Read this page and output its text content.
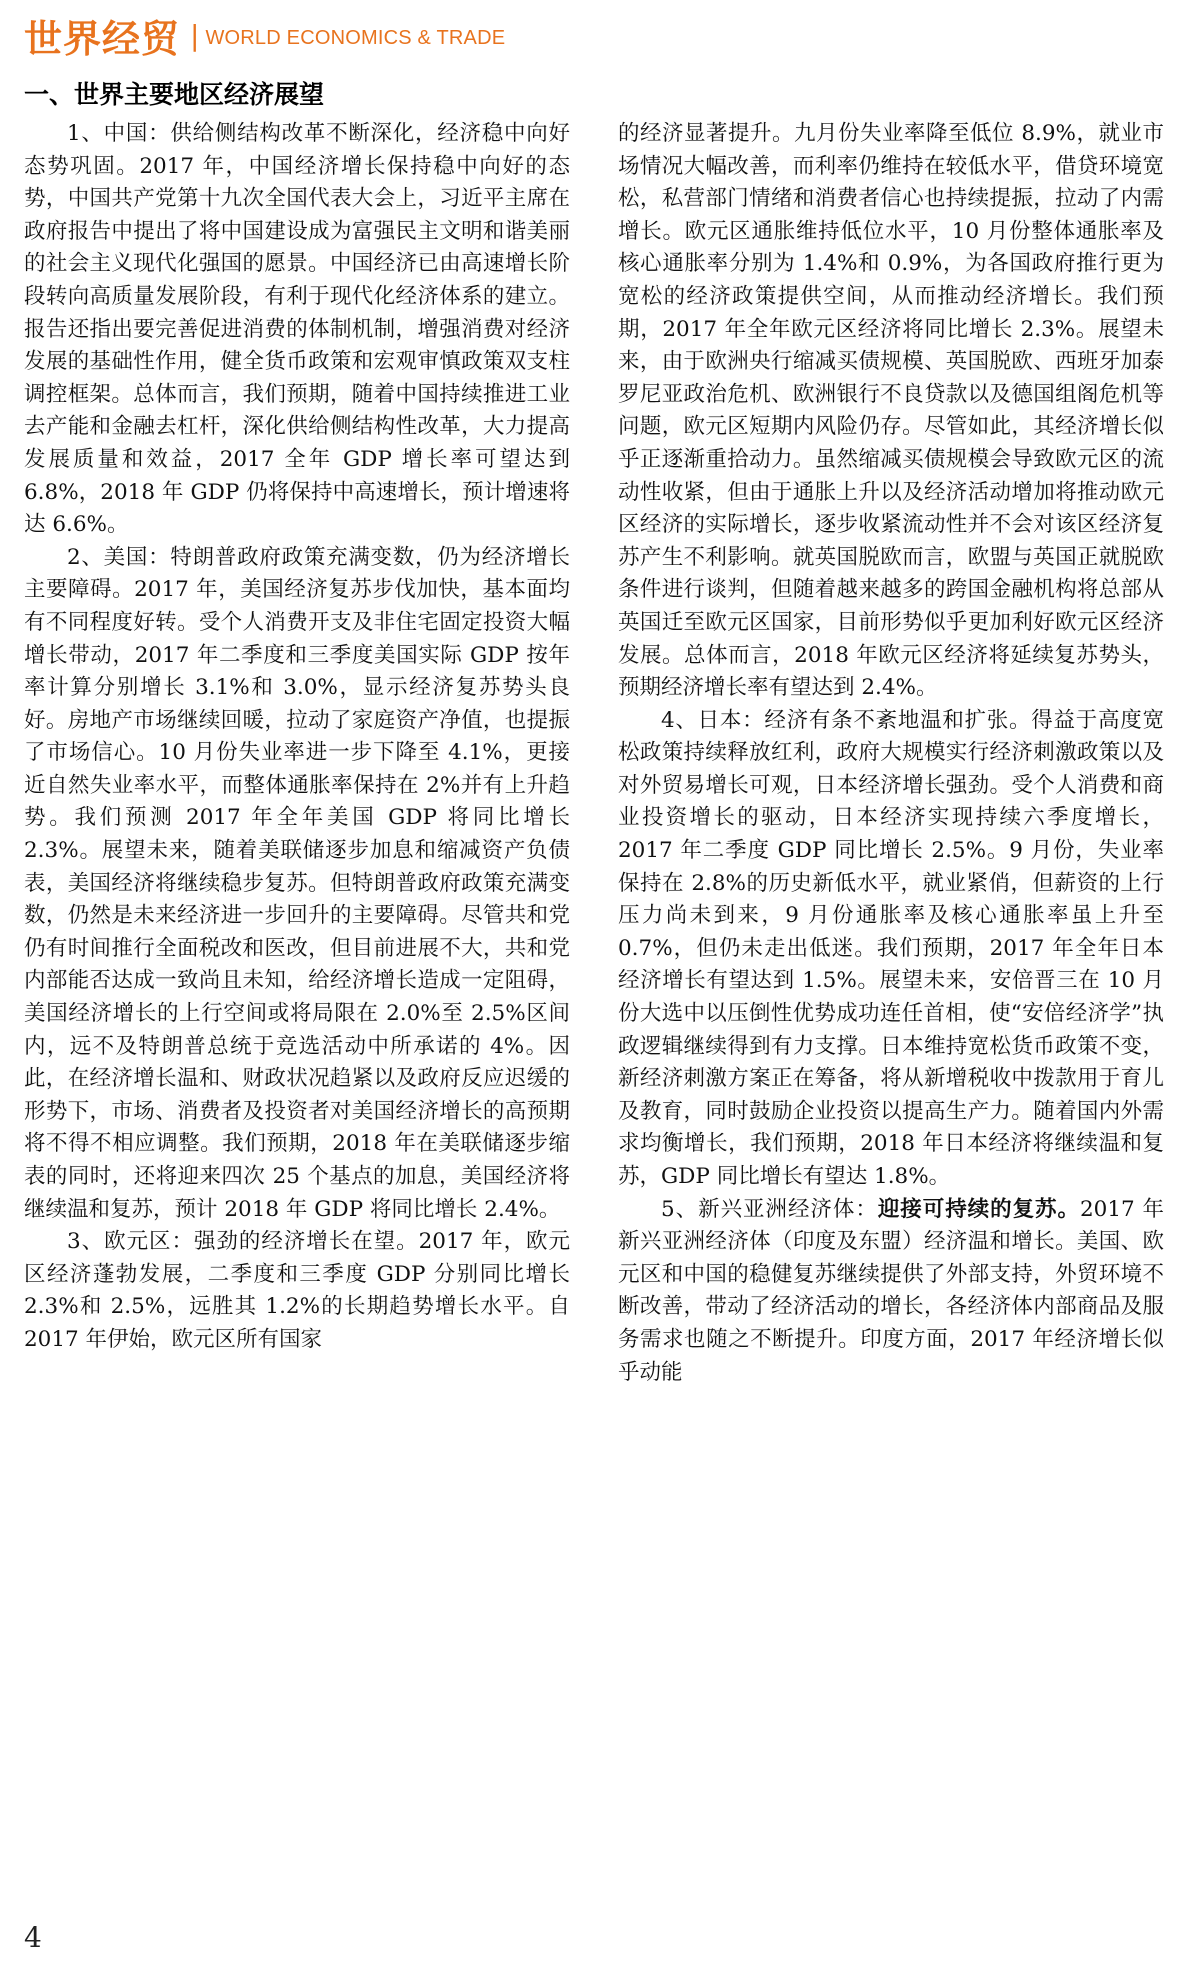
世界经贸 | WORLD ECONOMICS & TRADE
一、世界主要地区经济展望

1、中国：供给侧结构改革不断深化，经济稳中向好态势巩固。2017 年，中国经济增长保持稳中向好的态势，中国共产党第十九次全国代表大会上，习近平主席在政府报告中提出了将中国建设成为富强民主文明和谐美丽的社会主义现代化强国的愿景。中国经济已由高速增长阶段转向高质量发展阶段，有利于现代化经济体系的建立。报告还指出要完善促进消费的体制机制，增强消费对经济发展的基础性作用，健全货币政策和宏观审慎政策双支柱调控框架。总体而言，我们预期，随着中国持续推进工业去产能和金融去杠杆，深化供给侧结构性改革，大力提高发展质量和效益，2017 全年 GDP 增长率可望达到 6.8%，2018 年 GDP 仍将保持中高速增长，预计增速将达 6.6%。

2、美国：特朗普政府政策充满变数，仍为经济增长主要障碍。2017 年，美国经济复苏步伐加快，基本面均有不同程度好转。受个人消费开支及非住宅固定投资大幅增长带动，2017 年二季度和三季度美国实际 GDP 按年率计算分别增长 3.1%和 3.0%，显示经济复苏势头良好。房地产市场继续回暖，拉动了家庭资产净值，也提振了市场信心。10 月份失业率进一步下降至 4.1%，更接近自然失业率水平，而整体通胀率保持在 2%并有上升趋势。我们预测 2017 年全年美国 GDP 将同比增长 2.3%。展望未来，随着美联储逐步加息和缩减资产负债表，美国经济将继续稳步复苏。但特朗普政府政策充满变数，仍然是未来经济进一步回升的主要障碍。尽管共和党仍有时间推行全面税改和医改，但目前进展不大，共和党内部能否达成一致尚且未知，给经济增长造成一定阻碍，美国经济增长的上行空间或将局限在 2.0%至 2.5%区间内，远不及特朗普总统于竞选活动中所承诺的 4%。因此，在经济增长温和、财政状况趋紧以及政府反应迟缓的形势下，市场、消费者及投资者对美国经济增长的高预期将不得不相应调整。我们预期，2018 年在美联储逐步缩表的同时，还将迎来四次 25 个基点的加息，美国经济将继续温和复苏，预计 2018 年 GDP 将同比增长 2.4%。

3、欧元区：强劲的经济增长在望。2017 年，欧元区经济蓬勃发展，二季度和三季度 GDP 分别同比增长 2.3%和 2.5%，远胜其 1.2%的长期趋势增长水平。自 2017 年伊始，欧元区所有国家

的经济显著提升。九月份失业率降至低位 8.9%，就业市场情况大幅改善，而利率仍维持在较低水平，借贷环境宽松，私营部门情绪和消费者信心也持续提振，拉动了内需增长。欧元区通胀维持低位水平，10 月份整体通胀率及核心通胀率分别为 1.4%和 0.9%，为各国政府推行更为宽松的经济政策提供空间，从而推动经济增长。我们预期，2017 年全年欧元区经济将同比增长 2.3%。展望未来，由于欧洲央行缩减买债规模、英国脱欧、西班牙加泰罗尼亚政治危机、欧洲银行不良贷款以及德国组阁危机等问题，欧元区短期内风险仍存。尽管如此，其经济增长似乎正逐渐重拾动力。虽然缩减买债规模会导致欧元区的流动性收紧，但由于通胀上升以及经济活动增加将推动欧元区经济的实际增长，逐步收紧流动性并不会对该区经济复苏产生不利影响。就英国脱欧而言，欧盟与英国正就脱欧条件进行谈判，但随着越来越多的跨国金融机构将总部从英国迁至欧元区国家，目前形势似乎更加利好欧元区经济发展。总体而言，2018 年欧元区经济将延续复苏势头，预期经济增长率有望达到 2.4%。

4、日本：经济有条不紊地温和扩张。得益于高度宽松政策持续释放红利，政府大规模实行经济刺激政策以及对外贸易增长可观，日本经济增长强劲。受个人消费和商业投资增长的驱动，日本经济实现持续六季度增长，2017 年二季度 GDP 同比增长 2.5%。9 月份，失业率保持在 2.8%的历史新低水平，就业紧俏，但薪资的上行压力尚未到来，9 月份通胀率及核心通胀率虽上升至 0.7%，但仍未走出低迷。我们预期，2017 年全年日本经济增长有望达到 1.5%。展望未来，安倍晋三在 10 月份大选中以压倒性优势成功连任首相，使“安倍经济学”执政逻辑继续得到有力支撑。日本维持宽松货币政策不变，新经济刺激方案正在筹备，将从新增税收中拨款用于育儿及教育，同时鼓励企业投资以提高生产力。随着国内外需求均衡增长，我们预期，2018 年日本经济将继续温和复苏，GDP 同比增长有望达 1.8%。

5、新兴亚洲经济体：迎接可持续的复苏。2017 年新兴亚洲经济体（印度及东盟）经济温和增长。美国、欧元区和中国的稳健复苏继续提供了外部支持，外贸环境不断改善，带动了经济活动的增长，各经济体内部商品及服务需求也随之不断提升。印度方面，2017 年经济增长似乎动能

4
